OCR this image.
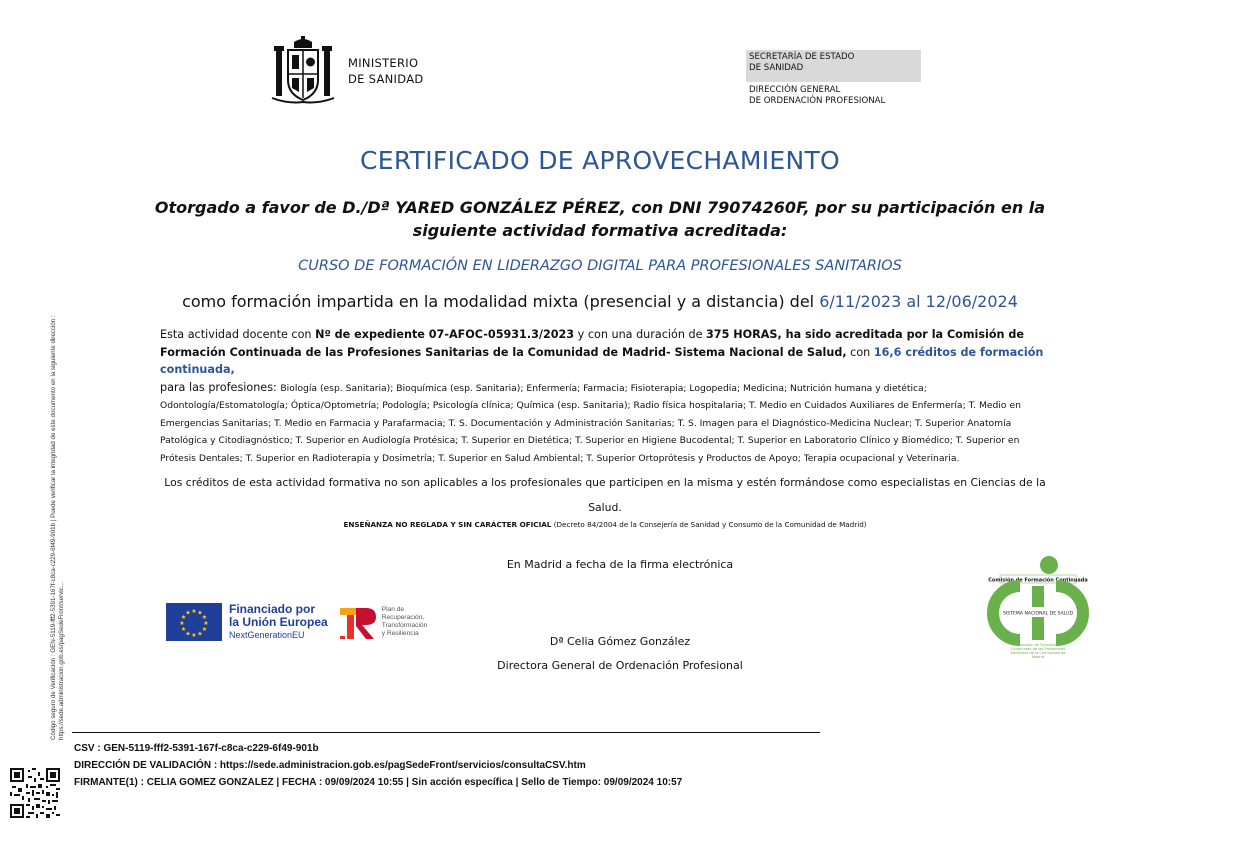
MINISTERIO
DE SANIDAD
SECRETARÍA DE ESTADO
DE SANIDAD
DIRECCIÓN GENERAL
DE ORDENACIÓN PROFESIONAL
CERTIFICADO DE APROVECHAMIENTO
Otorgado a favor de D./Dª YARED GONZÁLEZ PÉREZ, con DNI 79074260F, por su participación en la
siguiente actividad formativa acreditada:
CURSO DE FORMACIÓN EN LIDERAZGO DIGITAL PARA PROFESIONALES SANITARIOS
como formación impartida en la modalidad mixta (presencial y a distancia) del 6/11/2023 al 12/06/2024
Esta actividad docente con Nº de expediente 07-AFOC-05931.3/2023 y con una duración de 375 HORAS, ha sido acreditada por la Comisión de Formación Continuada de las Profesiones Sanitarias de la Comunidad de Madrid- Sistema Nacional de Salud, con 16,6 créditos de formación continuada,
para las profesiones: Biología (esp. Sanitaria); Bioquímica (esp. Sanitaria); Enfermería; Farmacia; Fisioterapia; Logopedia; Medicina; Nutrición humana y dietética; Odontología/Estomatología; Óptica/Optometría; Podología; Psicología clínica; Química (esp. Sanitaria); Radio física hospitalaria; T. Medio en Cuidados Auxiliares de Enfermería; T. Medio en Emergencias Sanitarias; T. Medio en Farmacia y Parafarmacia; T. S. Documentación y Administración Sanitarias; T. S. Imagen para el Diagnóstico-Medicina Nuclear; T. Superior Anatomía Patológica y Citodiagnóstico; T. Superior en Audiología Protésica; T. Superior en Dietética; T. Superior en Higiene Bucodental; T. Superior en Laboratorio Clínico y Biomédico; T. Superior en Prótesis Dentales; T. Superior en Radioterapia y Dosimetría; T. Superior en Salud Ambiental; T. Superior Ortoprótesis y Productos de Apoyo; Terapia ocupacional y Veterinaria.
Los créditos de esta actividad formativa no son aplicables a los profesionales que participen en la misma y estén formándose como especialistas en Ciencias de la Salud.
ENSEÑANZA NO REGLADA Y SIN CARÁCTER OFICIAL (Decreto 84/2004 de la Consejería de Sanidad y Consumo de la Comunidad de Madrid)
En Madrid a fecha de la firma electrónica
★ ★
★
★
★
★
★
★
★
★
★
★	Financiado por
la Unión Europea
NextGenerationEU
Plan de
Recuperación,
Transformación
y Resiliencia
Comisión de Formación Continuada
SISTEMA NACIONAL DE SALUD
Comisión de Formación Continuada de las Profesiones Sanitarias de la Comunidad de Madrid
Dª Celia Gómez González
Directora General de Ordenación Profesional
Código seguro de Verificación : GEN-5119-fff2-5391-167f-c8ca-c229-6f49-901b | Puede verificar la integridad de este documento en la siguiente dirección : https://sede.administracion.gob.es/pagSedeFront/servic...
CSV : GEN-5119-fff2-5391-167f-c8ca-c229-6f49-901b
DIRECCIÓN DE VALIDACIÓN : https://sede.administracion.gob.es/pagSedeFront/servicios/consultaCSV.htm
FIRMANTE(1) : CELIA GOMEZ GONZALEZ | FECHA : 09/09/2024 10:55 | Sin acción específica | Sello de Tiempo: 09/09/2024 10:57
